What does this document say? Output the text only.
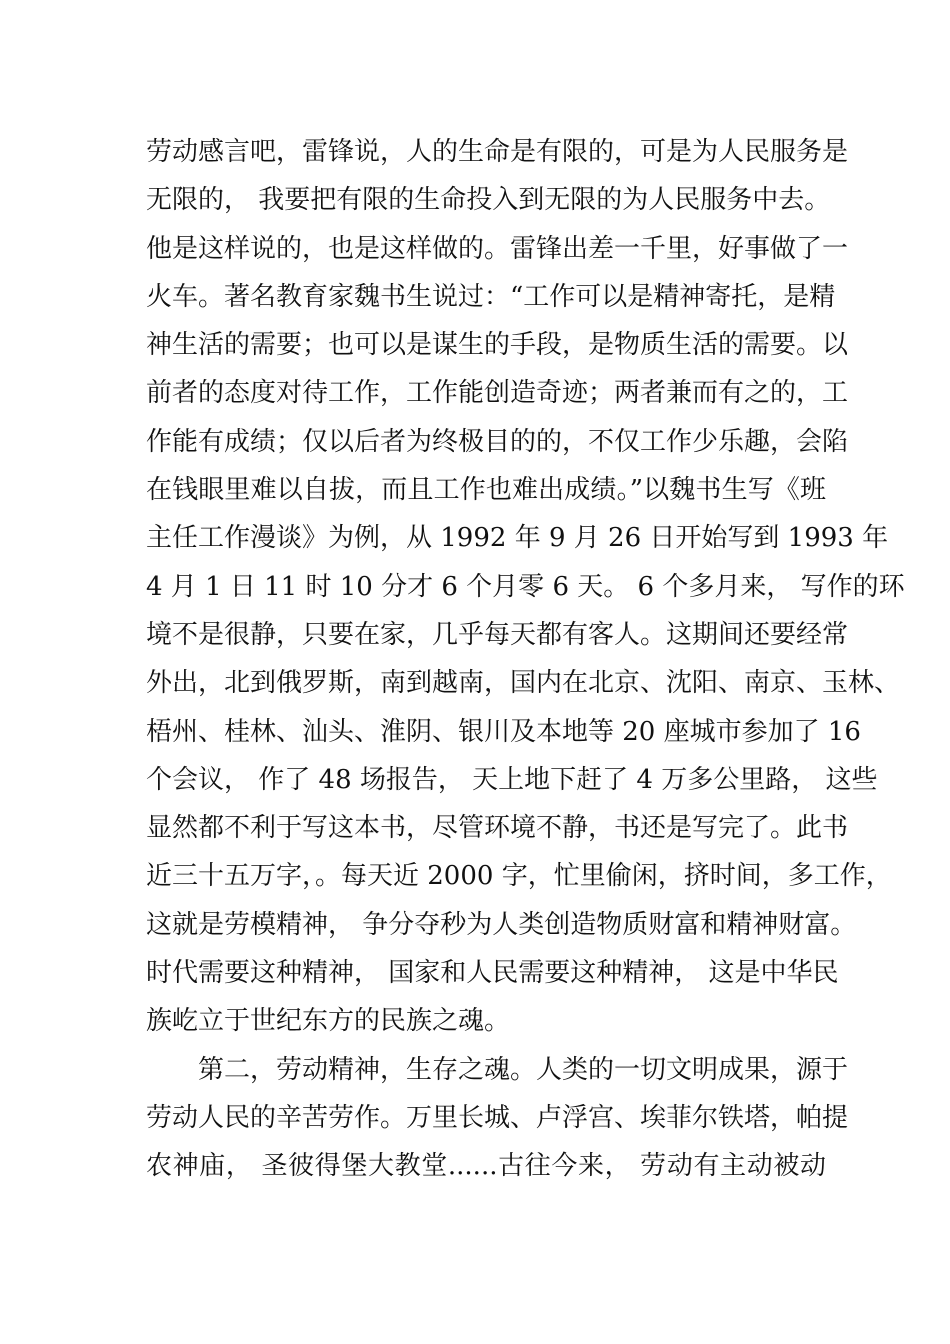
劳动感言吧，雷锋说，人的生命是有限的，可是为人民服务是
无限的， 我要把有限的生命投入到无限的为人民服务中去。
他是这样说的，也是这样做的。雷锋出差一千里，好事做了一
火车。著名教育家魏书生说过：“工作可以是精神寄托，是精
神生活的需要；也可以是谋生的手段，是物质生活的需要。以
前者的态度对待工作，工作能创造奇迹；两者兼而有之的，工
作能有成绩；仅以后者为终极目的的，不仅工作少乐趣，会陷
在钱眼里难以自拔，而且工作也难出成绩。”以魏书生写《班
主任工作漫谈》为例，从 1992 年 9 月 26 日开始写到 1993 年
4 月 1 日 11 时 10 分才 6 个月零 6 天。 6 个多月来， 写作的环
境不是很静，只要在家，几乎每天都有客人。这期间还要经常
外出，北到俄罗斯，南到越南，国内在北京、沈阳、南京、玉林、
梧州、桂林、汕头、淮阴、银川及本地等 20 座城市参加了 16
个会议， 作了 48 场报告， 天上地下赶了 4 万多公里路， 这些
显然都不利于写这本书，尽管环境不静，书还是写完了。此书
近三十五万字，。每天近 2000 字，忙里偷闲，挤时间，多工作，
这就是劳模精神， 争分夺秒为人类创造物质财富和精神财富。
时代需要这种精神， 国家和人民需要这种精神， 这是中华民
族屹立于世纪东方的民族之魂。
第二，劳动精神，生存之魂。人类的一切文明成果，源于
劳动人民的辛苦劳作。万里长城、卢浮宫、埃菲尔铁塔，帕提
农神庙， 圣彼得堡大教堂......古往今来， 劳动有主动被动
